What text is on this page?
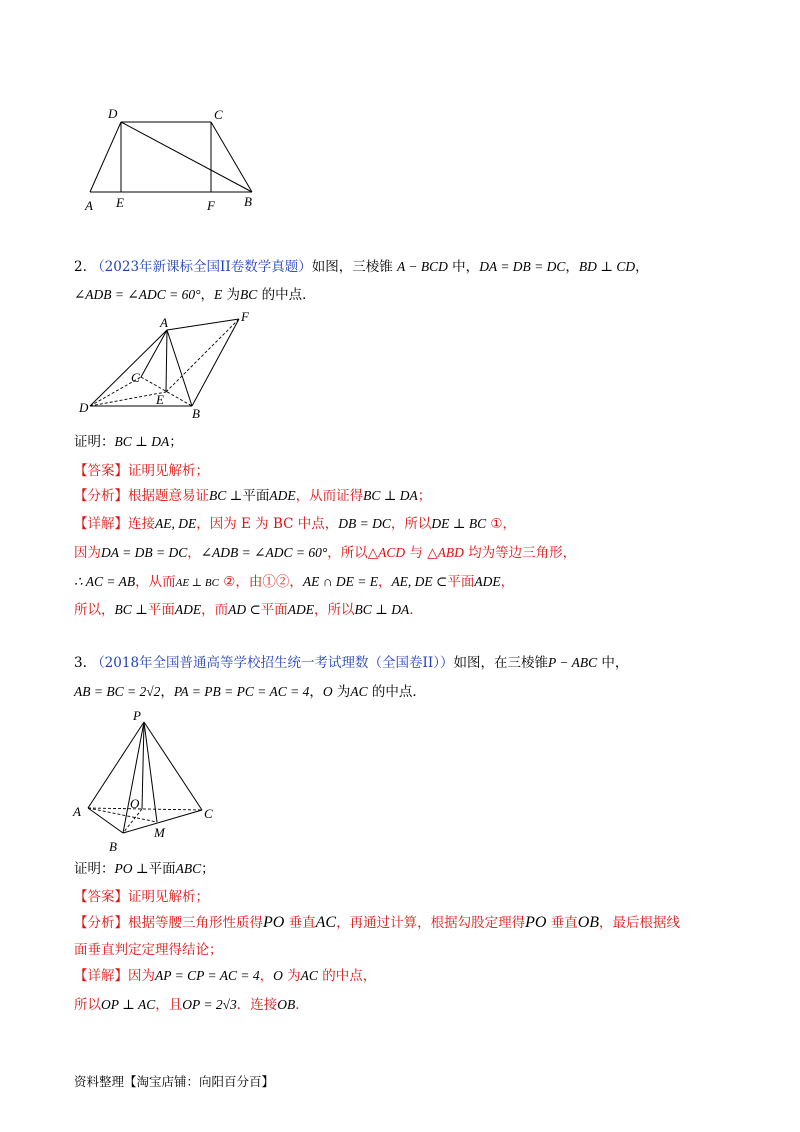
D	C
A E	F B
2. （2023年新课标全国II卷数学真题）如图，三棱锥 A − BCD 中，DA = DB = DC，BD ⊥ CD，
∠ADB = ∠ADC = 60°，E 为BC 的中点．
A	F
C
E
D	B
证明：BC ⊥ DA；
【答案】证明见解析；
【分析】根据题意易证BC ⊥平面ADE，从而证得BC ⊥ DA；
【详解】连接AE, DE，因为 E 为 BC 中点，DB = DC，所以DE ⊥ BC ①，
因为DA = DB = DC，∠ADB = ∠ADC = 60°，所以△ACD 与 △ABD 均为等边三角形，
∴ AC = AB，从而AE ⊥ BC ②，由①②，AE ∩ DE = E，AE, DE ⊂平面ADE，
所以，BC ⊥平面ADE，而AD ⊂平面ADE，所以BC ⊥ DA．
3. （2018年全国普通高等学校招生统一考试理数（全国卷II））如图，在三棱锥P − ABC 中，
AB = BC = 2√2，PA = PB = PC = AC = 4，O 为AC 的中点．
P
A
O
C
M
B
证明：PO ⊥平面ABC；
【答案】证明见解析；
【分析】根据等腰三角形性质得PO 垂直AC，再通过计算，根据勾股定理得PO 垂直OB，最后根据线
面垂直判定定理得结论；
【详解】因为AP = CP = AC = 4，O 为AC 的中点，
所以OP ⊥ AC，且OP = 2√3．连接OB．
资料整理【淘宝店铺：向阳百分百】
